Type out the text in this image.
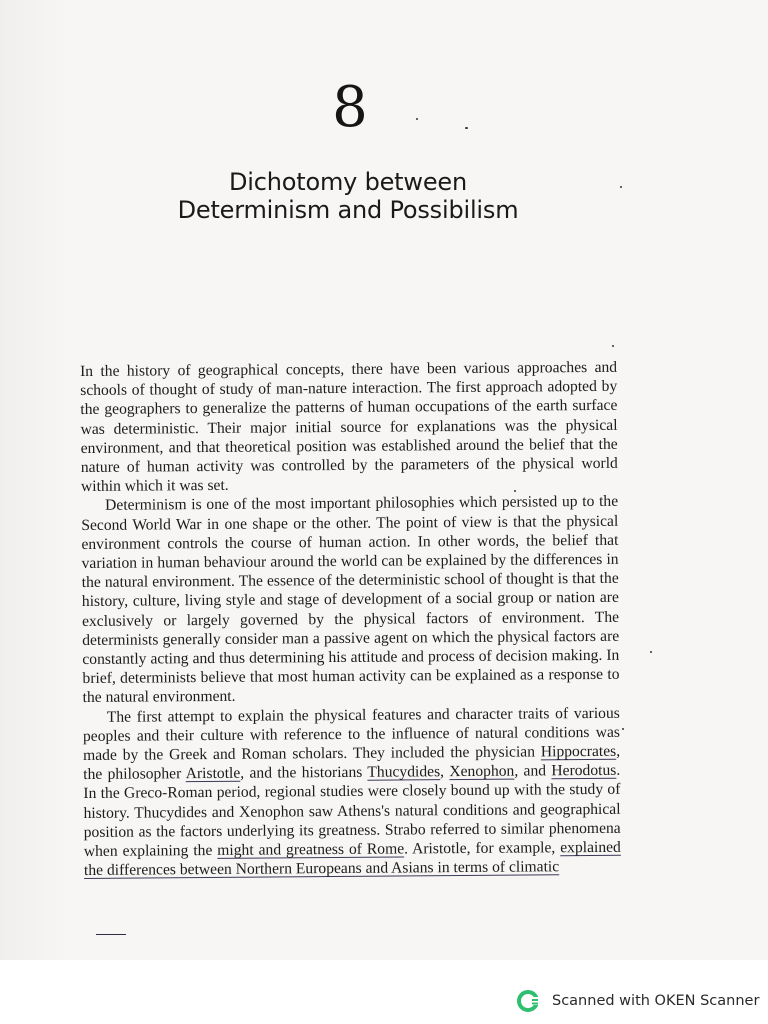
8
Dichotomy between
Determinism and Possibilism

In the history of geographical concepts, there have been various approaches and schools of thought of study of man-nature interaction. The first approach adopted by the geographers to generalize the patterns of human occupations of the earth surface was deterministic. Their major initial source for explanations was the physical environment, and that theoretical position was established around the belief that the nature of human activity was controlled by the parameters of the physical world within which it was set.

Determinism is one of the most important philosophies which persisted up to the Second World War in one shape or the other. The point of view is that the physical environment controls the course of human action. In other words, the belief that variation in human behaviour around the world can be explained by the differences in the natural environment. The essence of the deterministic school of thought is that the history, culture, living style and stage of development of a social group or nation are exclusively or largely governed by the physical factors of environment. The determinists generally consider man a passive agent on which the physical factors are constantly acting and thus determining his attitude and process of decision making. In brief, determinists believe that most human activity can be explained as a response to the natural environment.

The first attempt to explain the physical features and character traits of various peoples and their culture with reference to the influence of natural conditions was made by the Greek and Roman scholars. They included the physician Hippocrates, the philosopher Aristotle, and the historians Thucydides, Xenophon, and Herodotus. In the Greco-Roman period, regional studies were closely bound up with the study of history. Thucydides and Xenophon saw Athens's natural conditions and geographical position as the factors underlying its greatness. Strabo referred to similar phenomena when explaining the might and greatness of Rome. Aristotle, for example, explained the differences between Northern Europeans and Asians in terms of climatic

Scanned with OKEN Scanner
